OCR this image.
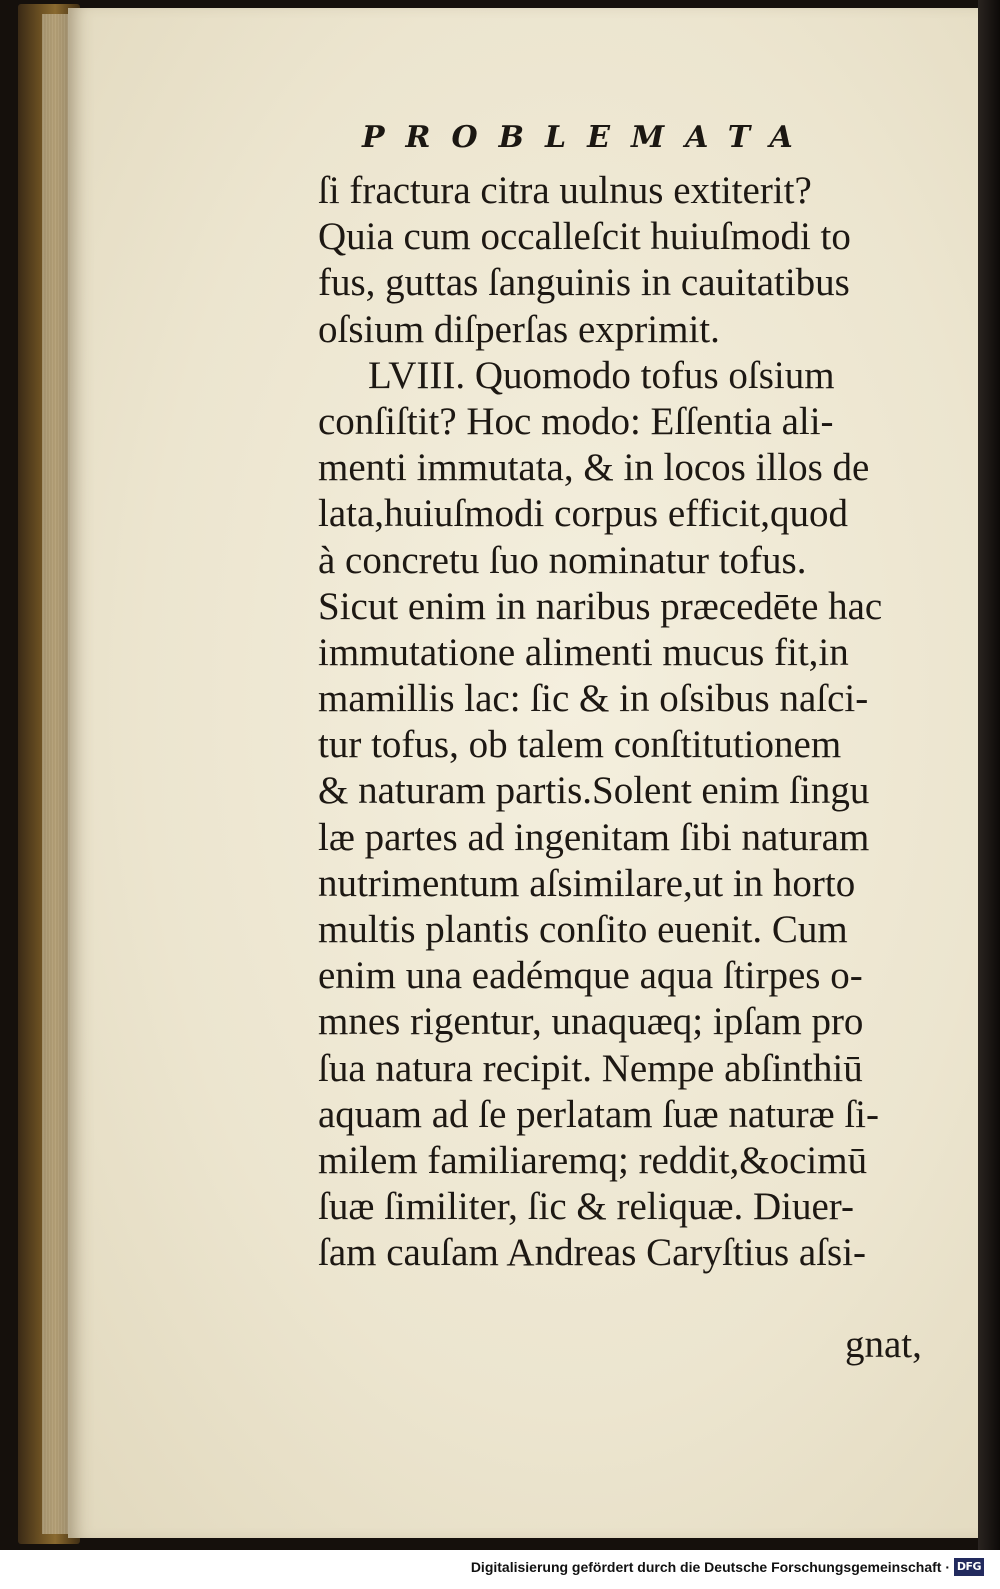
PROBLEMATA
ſi fractura citra uulnus extiterit?
Quia cum occalleſcit huiuſmodi to
fus, guttas ſanguinis in cauitatibus
oſsium diſperſas exprimit.
LVIII. Quomodo tofus oſsium
conſiſtit? Hoc modo: Eſſentia ali-
menti immutata, & in locos illos de
lata,huiuſmodi corpus efficit,quod
à concretu ſuo nominatur tofus.
Sicut enim in naribus præcedēte hac
immutatione alimenti mucus fit,in
mamillis lac: ſic & in oſsibus naſci-
tur tofus, ob talem conſtitutionem
& naturam partis.Solent enim ſingu
læ partes ad ingenitam ſibi naturam
nutrimentum aſsimilare,ut in horto
multis plantis conſito euenit. Cum
enim una eadémque aqua ſtirpes o-
mnes rigentur, unaquæq; ipſam pro
ſua natura recipit. Nempe abſinthiū
aquam ad ſe perlatam ſuæ naturæ ſi-
milem familiaremq; reddit,&ocimū
ſuæ ſimiliter, ſic & reliquæ. Diuer-
ſam cauſam Andreas Caryſtius aſsi-
gnat,
Digitalisierung gefördert durch die Deutsche Forschungsgemeinschaft · DFG
